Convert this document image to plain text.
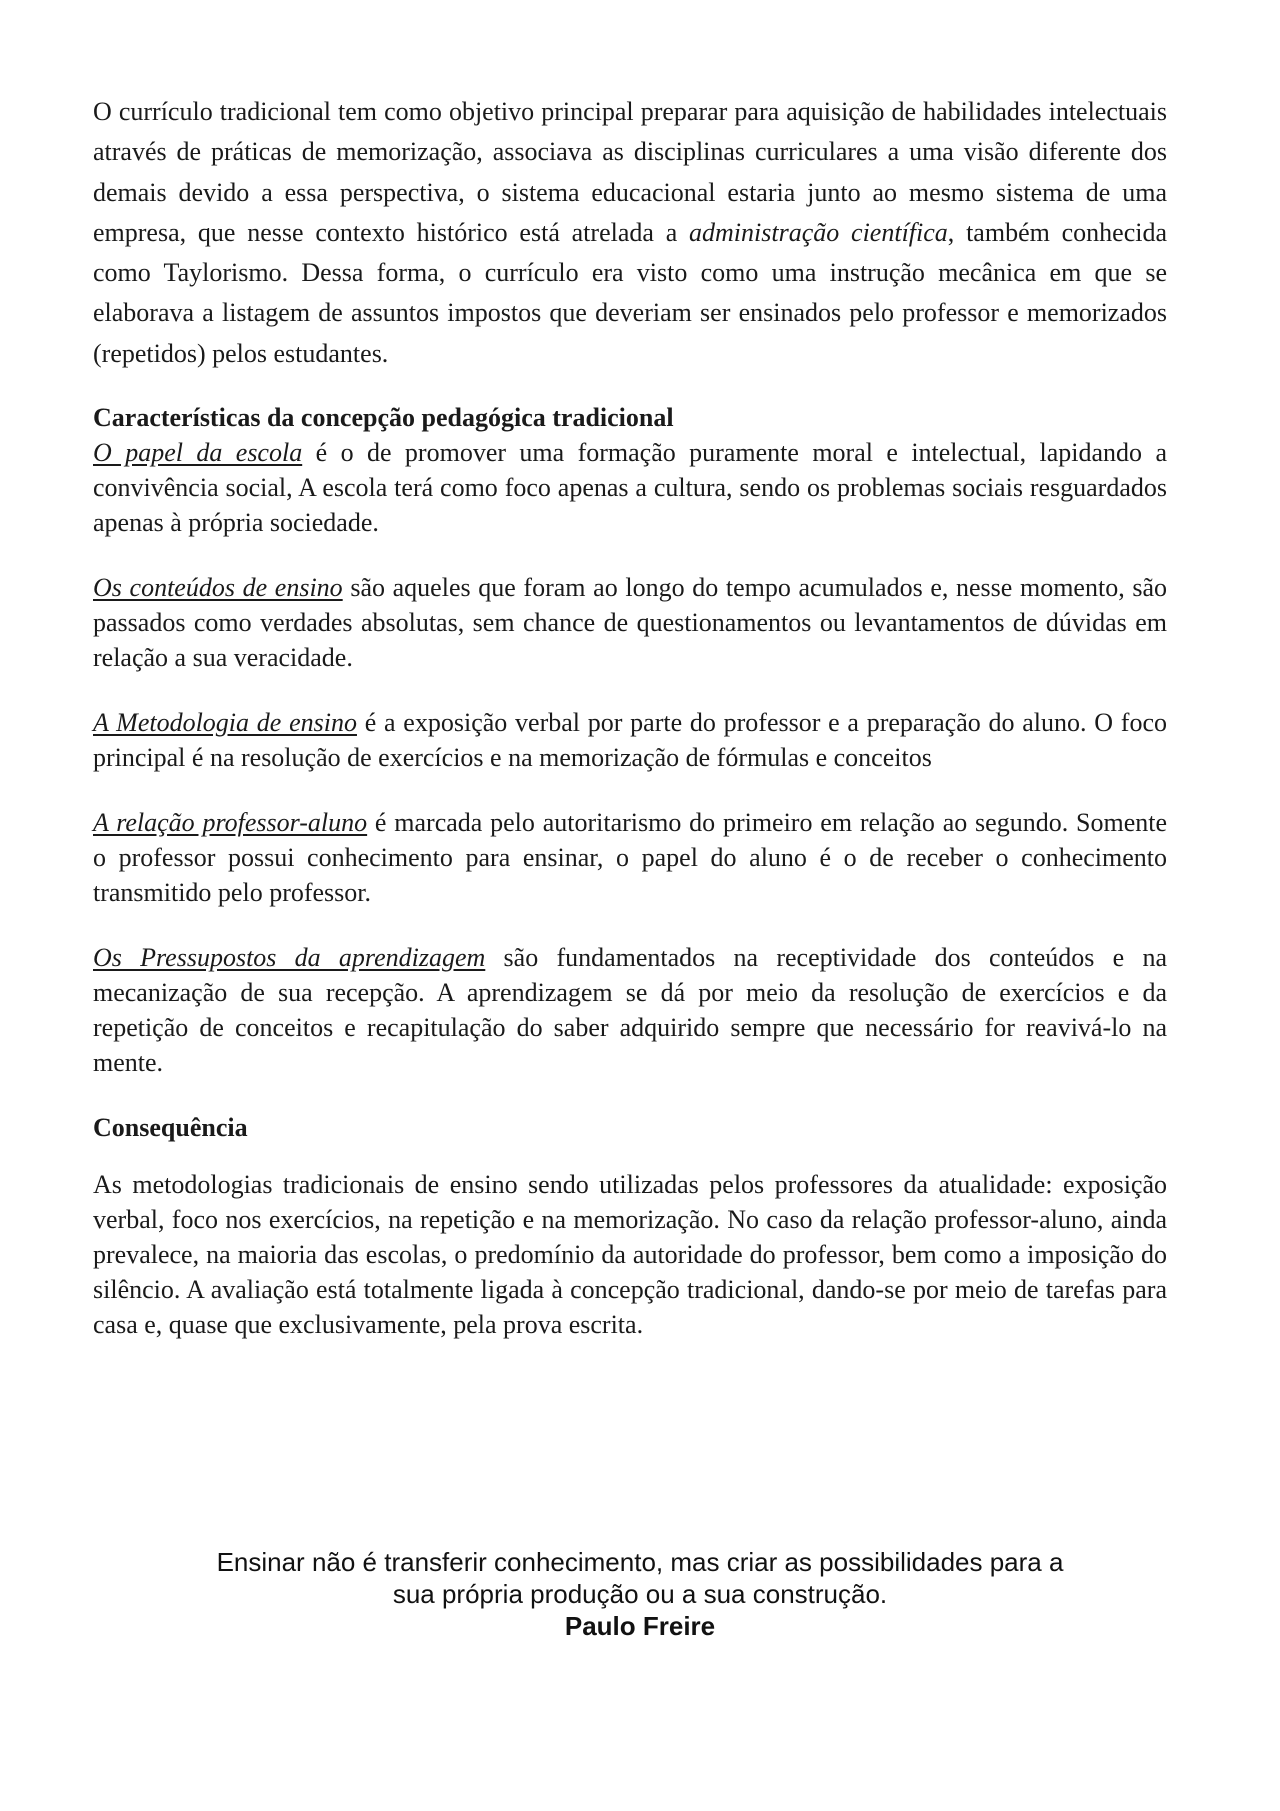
O currículo tradicional tem como objetivo principal preparar para aquisição de habilidades intelectuais através de práticas de memorização, associava as disciplinas curriculares a uma visão diferente dos demais devido a essa perspectiva, o sistema educacional estaria junto ao mesmo sistema de uma empresa, que nesse contexto histórico está atrelada a administração científica, também conhecida como Taylorismo. Dessa forma, o currículo era visto como uma instrução mecânica em que se elaborava a listagem de assuntos impostos que deveriam ser ensinados pelo professor e memorizados (repetidos) pelos estudantes.

Características da concepção pedagógica tradicional

O papel da escola é o de promover uma formação puramente moral e intelectual, lapidando a convivência social, A escola terá como foco apenas a cultura, sendo os problemas sociais resguardados apenas à própria sociedade.

Os conteúdos de ensino são aqueles que foram ao longo do tempo acumulados e, nesse momento, são passados como verdades absolutas, sem chance de questionamentos ou levantamentos de dúvidas em relação a sua veracidade.

A Metodologia de ensino é a exposição verbal por parte do professor e a preparação do aluno. O foco principal é na resolução de exercícios e na memorização de fórmulas e conceitos

A relação professor-aluno é marcada pelo autoritarismo do primeiro em relação ao segundo. Somente o professor possui conhecimento para ensinar, o papel do aluno é o de receber o conhecimento transmitido pelo professor.

Os Pressupostos da aprendizagem são fundamentados na receptividade dos conteúdos e na mecanização de sua recepção. A aprendizagem se dá por meio da resolução de exercícios e da repetição de conceitos e recapitulação do saber adquirido sempre que necessário for reavivá-lo na mente.

Consequência

As metodologias tradicionais de ensino sendo utilizadas pelos professores da atualidade: exposição verbal, foco nos exercícios, na repetição e na memorização. No caso da relação professor-aluno, ainda prevalece, na maioria das escolas, o predomínio da autoridade do professor, bem como a imposição do silêncio. A avaliação está totalmente ligada à concepção tradicional, dando-se por meio de tarefas para casa e, quase que exclusivamente, pela prova escrita.

Ensinar não é transferir conhecimento, mas criar as possibilidades para a
sua própria produção ou a sua construção.
Paulo Freire
